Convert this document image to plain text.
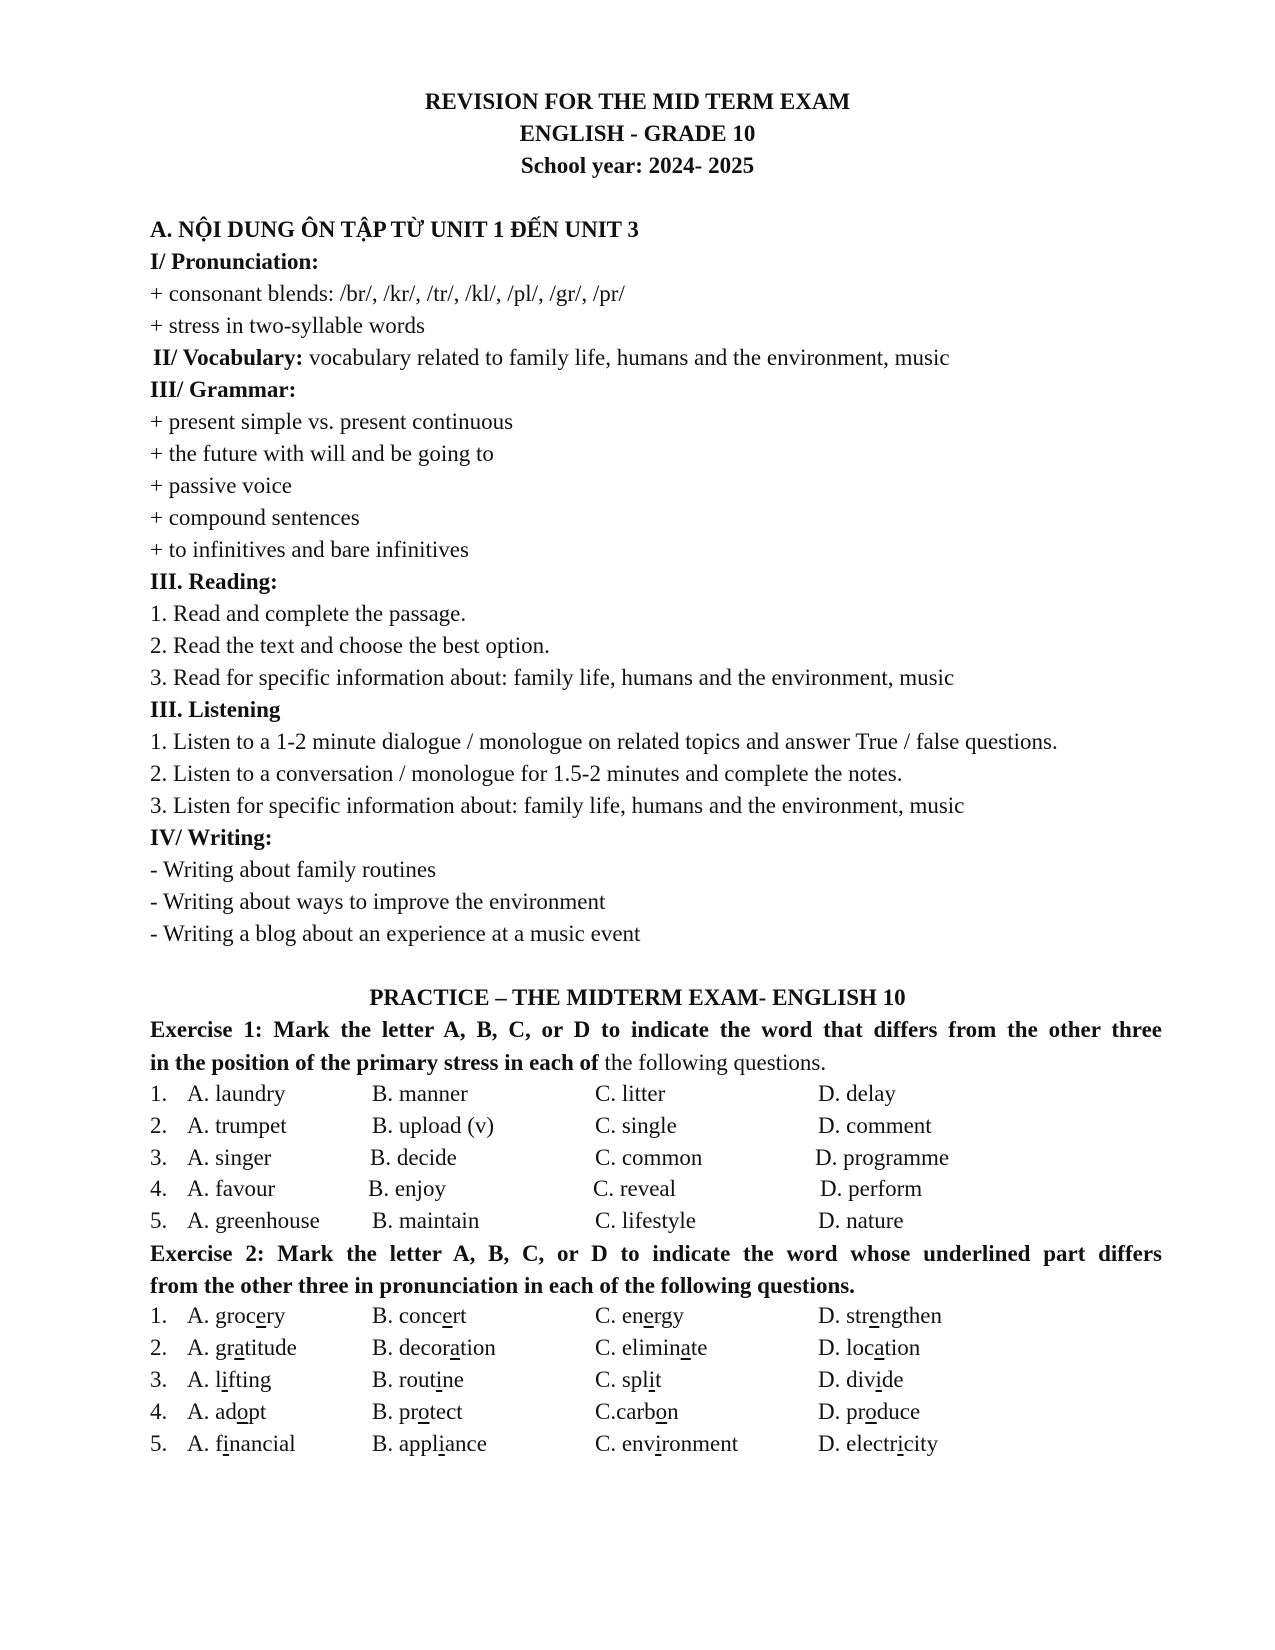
REVISION FOR THE MID TERM EXAM
ENGLISH - GRADE 10
School year: 2024- 2025
A. NỘI DUNG ÔN TẬP TỪ UNIT 1 ĐẾN UNIT 3
I/ Pronunciation:
+ consonant blends: /br/, /kr/, /tr/, /kl/, /pl/, /gr/, /pr/
+ stress in two-syllable words
II/ Vocabulary: vocabulary related to family life, humans and the environment, music
III/ Grammar:
+ present simple vs. present continuous
+ the future with will and be going to
+ passive voice
+ compound sentences
+ to infinitives and bare infinitives
III. Reading:
1. Read and complete the passage.
2. Read the text and choose the best option.
3. Read for specific information about: family life, humans and the environment, music
III. Listening
1. Listen to a 1-2 minute dialogue / monologue on related topics and answer True / false questions.
2. Listen to a conversation / monologue for 1.5-2 minutes and complete the notes.
3. Listen for specific information about: family life, humans and the environment, music
IV/ Writing:
- Writing about family routines
- Writing about ways to improve the environment
- Writing a blog about an experience at a music event
PRACTICE – THE MIDTERM EXAM- ENGLISH 10
Exercise 1: Mark the letter A, B, C, or D to indicate the word that differs from the other three
in the position of the primary stress in each of the following questions.
1. A. laundry	B. manner	C. litter	D. delay
2. A. trumpet	B. upload (v)	C. single	D. comment
3. A. singer	B. decide	C. common	D. programme
4. A. favour	B. enjoy	C. reveal	D. perform
5. A. greenhouse B. maintain	C. lifestyle	D. nature
Exercise 2: Mark the letter A, B, C, or D to indicate the word whose underlined part differs
from the other three in pronunciation in each of the following questions.
1. A. grocery	B. concert	C. energy	D. strengthen
2. A. gratitude	B. decoration	C. eliminate	D. location
3. A. lifting	B. routine	C. split	D. divide
4. A. adopt	B. protect	C.carbon	D. produce
5. A. financial	B. appliance	C. environment	D. electricity
